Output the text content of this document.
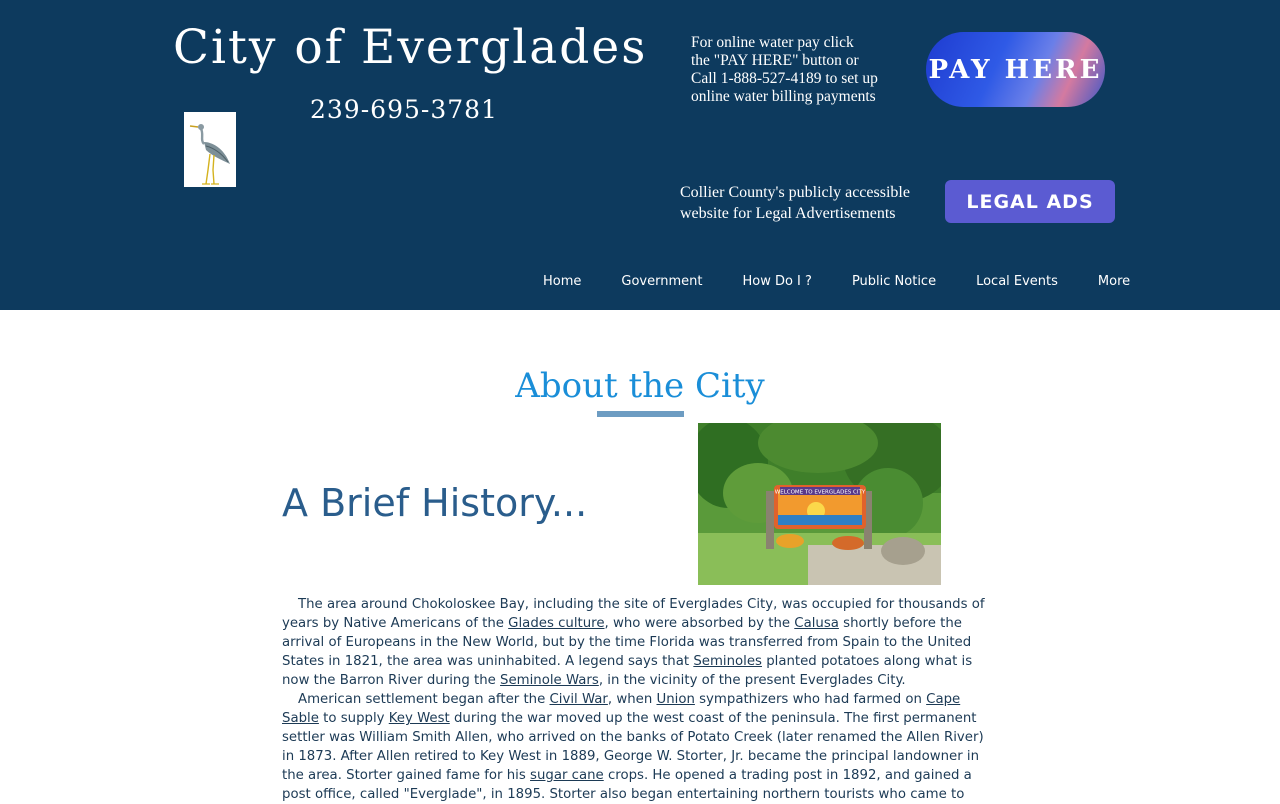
City of Everglades
239-695-3781
For online water pay click
the "PAY HERE" button or
Call 1-888-527-4189 to set up
online water billing payments
PAY HERE
Collier County's publicly accessible
website for Legal Advertisements
LEGAL ADS
Home	Government	How Do I ?	Public Notice	Local Events	More
About the City
A Brief History...	WELCOME TO EVERGLADES CITY

The area around Chokoloskee Bay, including the site of Everglades City, was occupied for thousands of years by Native Americans of the Glades culture, who were absorbed by the Calusa shortly before the arrival of Europeans in the New World, but by the time Florida was transferred from Spain to the United States in 1821, the area was uninhabited. A legend says that Seminoles planted potatoes along what is now the Barron River during the Seminole Wars, in the vicinity of the present Everglades City.

American settlement began after the Civil War, when Union sympathizers who had farmed on Cape Sable to supply Key West during the war moved up the west coast of the peninsula. The first permanent settler was William Smith Allen, who arrived on the banks of Potato Creek (later renamed the Allen River) in 1873. After Allen retired to Key West in 1889, George W. Storter, Jr. became the principal landowner in the area. Storter gained fame for his sugar cane crops. He opened a trading post in 1892, and gained a post office, called "Everglade", in 1895. Storter also began entertaining northern tourists who came to
